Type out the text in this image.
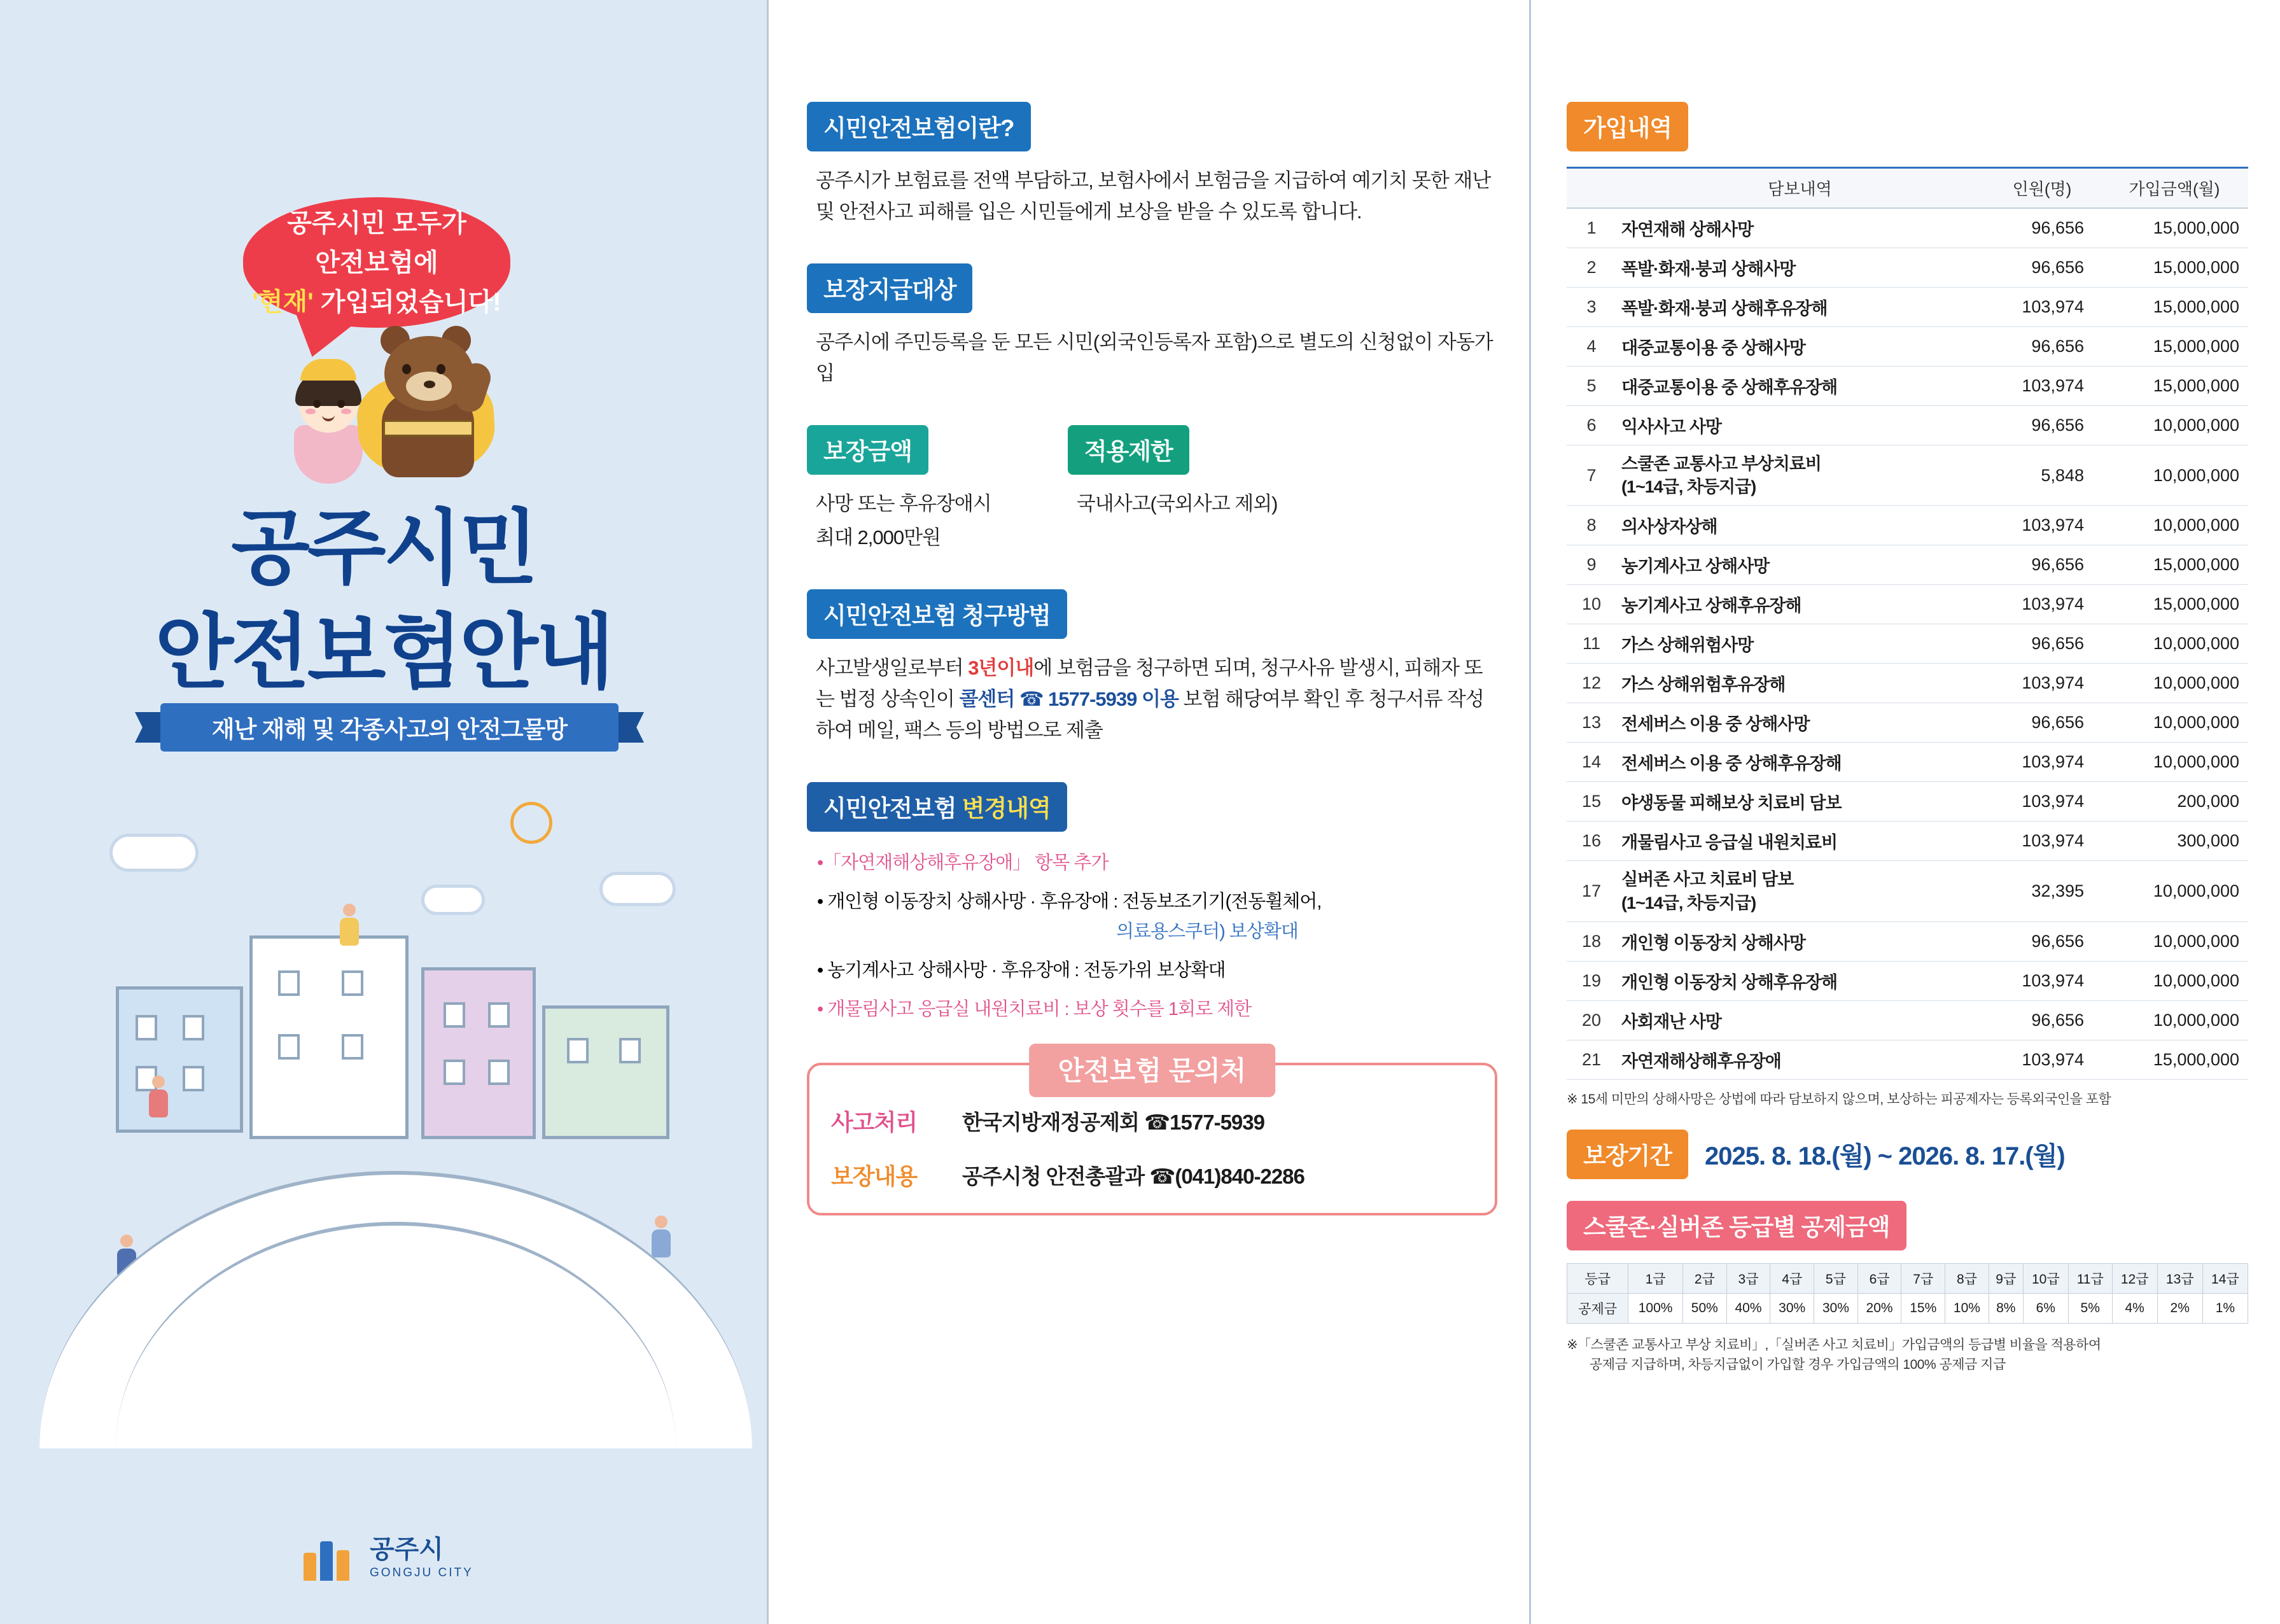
공주시민 모두가
안전보험에
'현재' 가입되었습니다!
공주시민
안전보험안내
재난 재해 및 각종사고의 안전그물망
공주시
GONGJU CITY
시민안전보험이란?
공주시가 보험료를 전액 부담하고, 보험사에서 보험금을 지급하여 예기치 못한 재난 및 안전사고 피해를 입은 시민들에게 보상을 받을 수 있도록 합니다.
보장지급대상
공주시에 주민등록을 둔 모든 시민(외국인등록자 포함)으로 별도의 신청없이 자동가입
보장금액
사망 또는 후유장애시
최대 2,000만원
적용제한
국내사고(국외사고 제외)
시민안전보험 청구방법
사고발생일로부터 3년이내에 보험금을 청구하면 되며, 청구사유 발생시, 피해자 또는 법정 상속인이 콜센터 ☎ 1577-5939 이용 보험 해당여부 확인 후 청구서류 작성하여 메일, 팩스 등의 방법으로 제출
시민안전보험 변경내역
•「자연재해상해후유장애」 항목 추가
• 개인형 이동장치 상해사망 · 후유장애 : 전동보조기기(전동휠체어,
의료용스쿠터) 보상확대
• 농기계사고 상해사망 · 후유장애 : 전동가위 보상확대
• 개물림사고 응급실 내원치료비 : 보상 횟수를 1회로 제한
안전보험 문의처
사고처리	한국지방재정공제회 ☎1577-5939
보장내용	공주시청 안전총괄과 ☎(041)840-2286
가입내역
	담보내역	인원(명)	가입금액(월)
1	자연재해 상해사망	96,656	15,000,000
2	폭발·화재·붕괴 상해사망	96,656	15,000,000
3	폭발·화재·붕괴 상해후유장해	103,974	15,000,000
4	대중교통이용 중 상해사망	96,656	15,000,000
5	대중교통이용 중 상해후유장해	103,974	15,000,000
6	익사사고 사망	96,656	10,000,000
7	스쿨존 교통사고 부상치료비
(1~14급, 차등지급)	5,848	10,000,000
8	의사상자상해	103,974	10,000,000
9	농기계사고 상해사망	96,656	15,000,000
10	농기계사고 상해후유장해	103,974	15,000,000
11	가스 상해위험사망	96,656	10,000,000
12	가스 상해위험후유장해	103,974	10,000,000
13	전세버스 이용 중 상해사망	96,656	10,000,000
14	전세버스 이용 중 상해후유장해	103,974	10,000,000
15	야생동물 피해보상 치료비 담보	103,974	200,000
16	개물림사고 응급실 내원치료비	103,974	300,000
17	실버존 사고 치료비 담보
(1~14급, 차등지급)	32,395	10,000,000
18	개인형 이동장치 상해사망	96,656	10,000,000
19	개인형 이동장치 상해후유장해	103,974	10,000,000
20	사회재난 사망	96,656	10,000,000
21	자연재해상해후유장애	103,974	15,000,000
※ 15세 미만의 상해사망은 상법에 따라 담보하지 않으며, 보상하는 피공제자는 등록외국인을 포함
보장기간	2025. 8. 18.(월) ~ 2026. 8. 17.(월)
스쿨존·실버존 등급별 공제금액
등급	1급	2급	3급	4급	5급	6급	7급	8급	9급	10급	11급	12급	13급	14급
공제금	100%	50%	40%	30%	30%	20%	15%	10%	8%	6%	5%	4%	2%	1%
※「스쿨존 교통사고 부상 치료비」,「실버존 사고 치료비」가입금액의 등급별 비율을 적용하여
공제금 지급하며, 차등지급없이 가입할 경우 가입금액의 100% 공제금 지급
